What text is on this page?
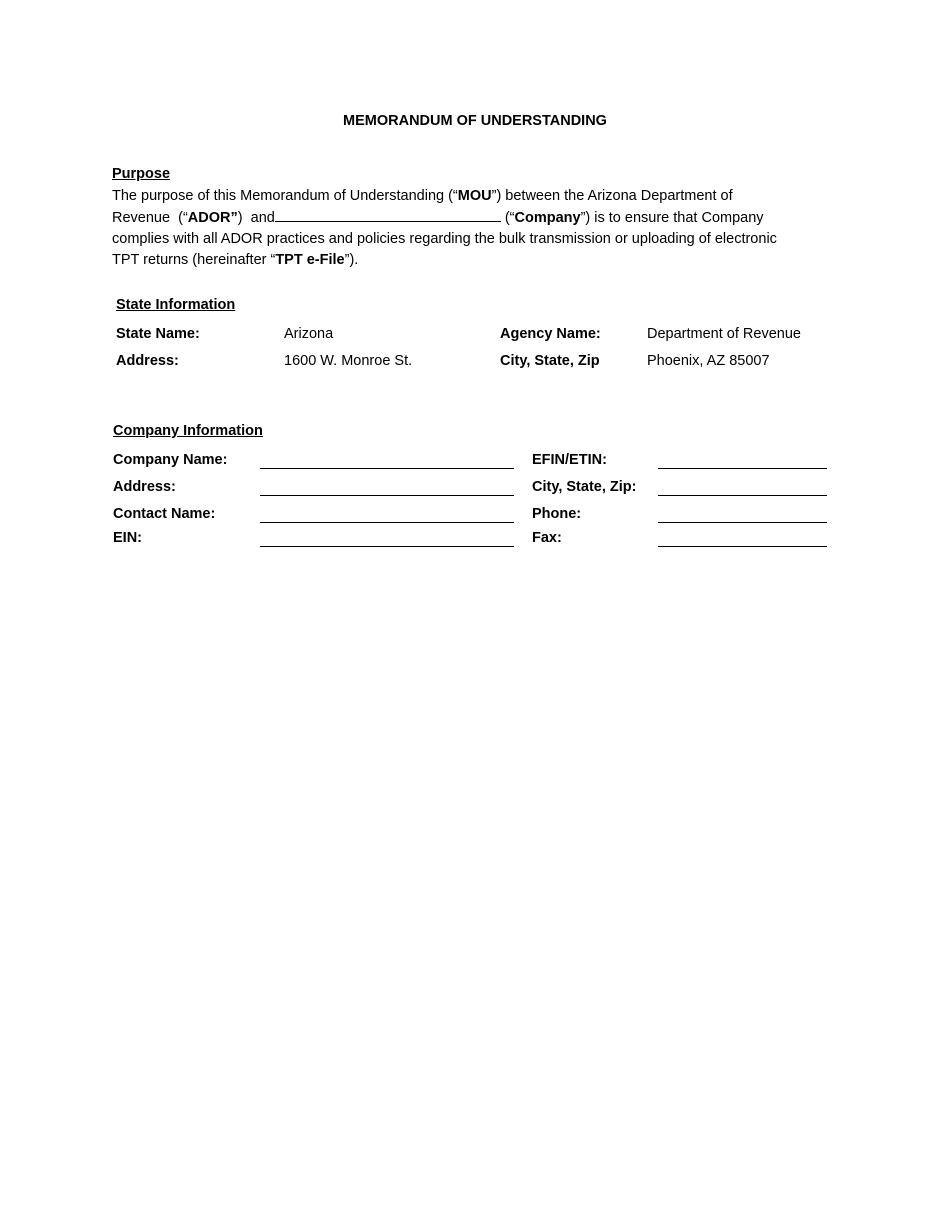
MEMORANDUM OF UNDERSTANDING
Purpose
The purpose of this Memorandum of Understanding (“MOU”) between the Arizona Department of
Revenue (“ADOR”) and	(“Company”) is to ensure that Company
complies with all ADOR practices and policies regarding the bulk transmission or uploading of electronic
TPT returns (hereinafter “TPT e-File”).
State Information
State Name:	Arizona	Agency Name:	Department of Revenue
Address:	1600 W. Monroe St.	City, State, Zip	Phoenix, AZ 85007
Company Information
Company Name:	EFIN/ETIN:
Address:	City, State, Zip:
Contact Name:	Phone:
EIN:	Fax:
